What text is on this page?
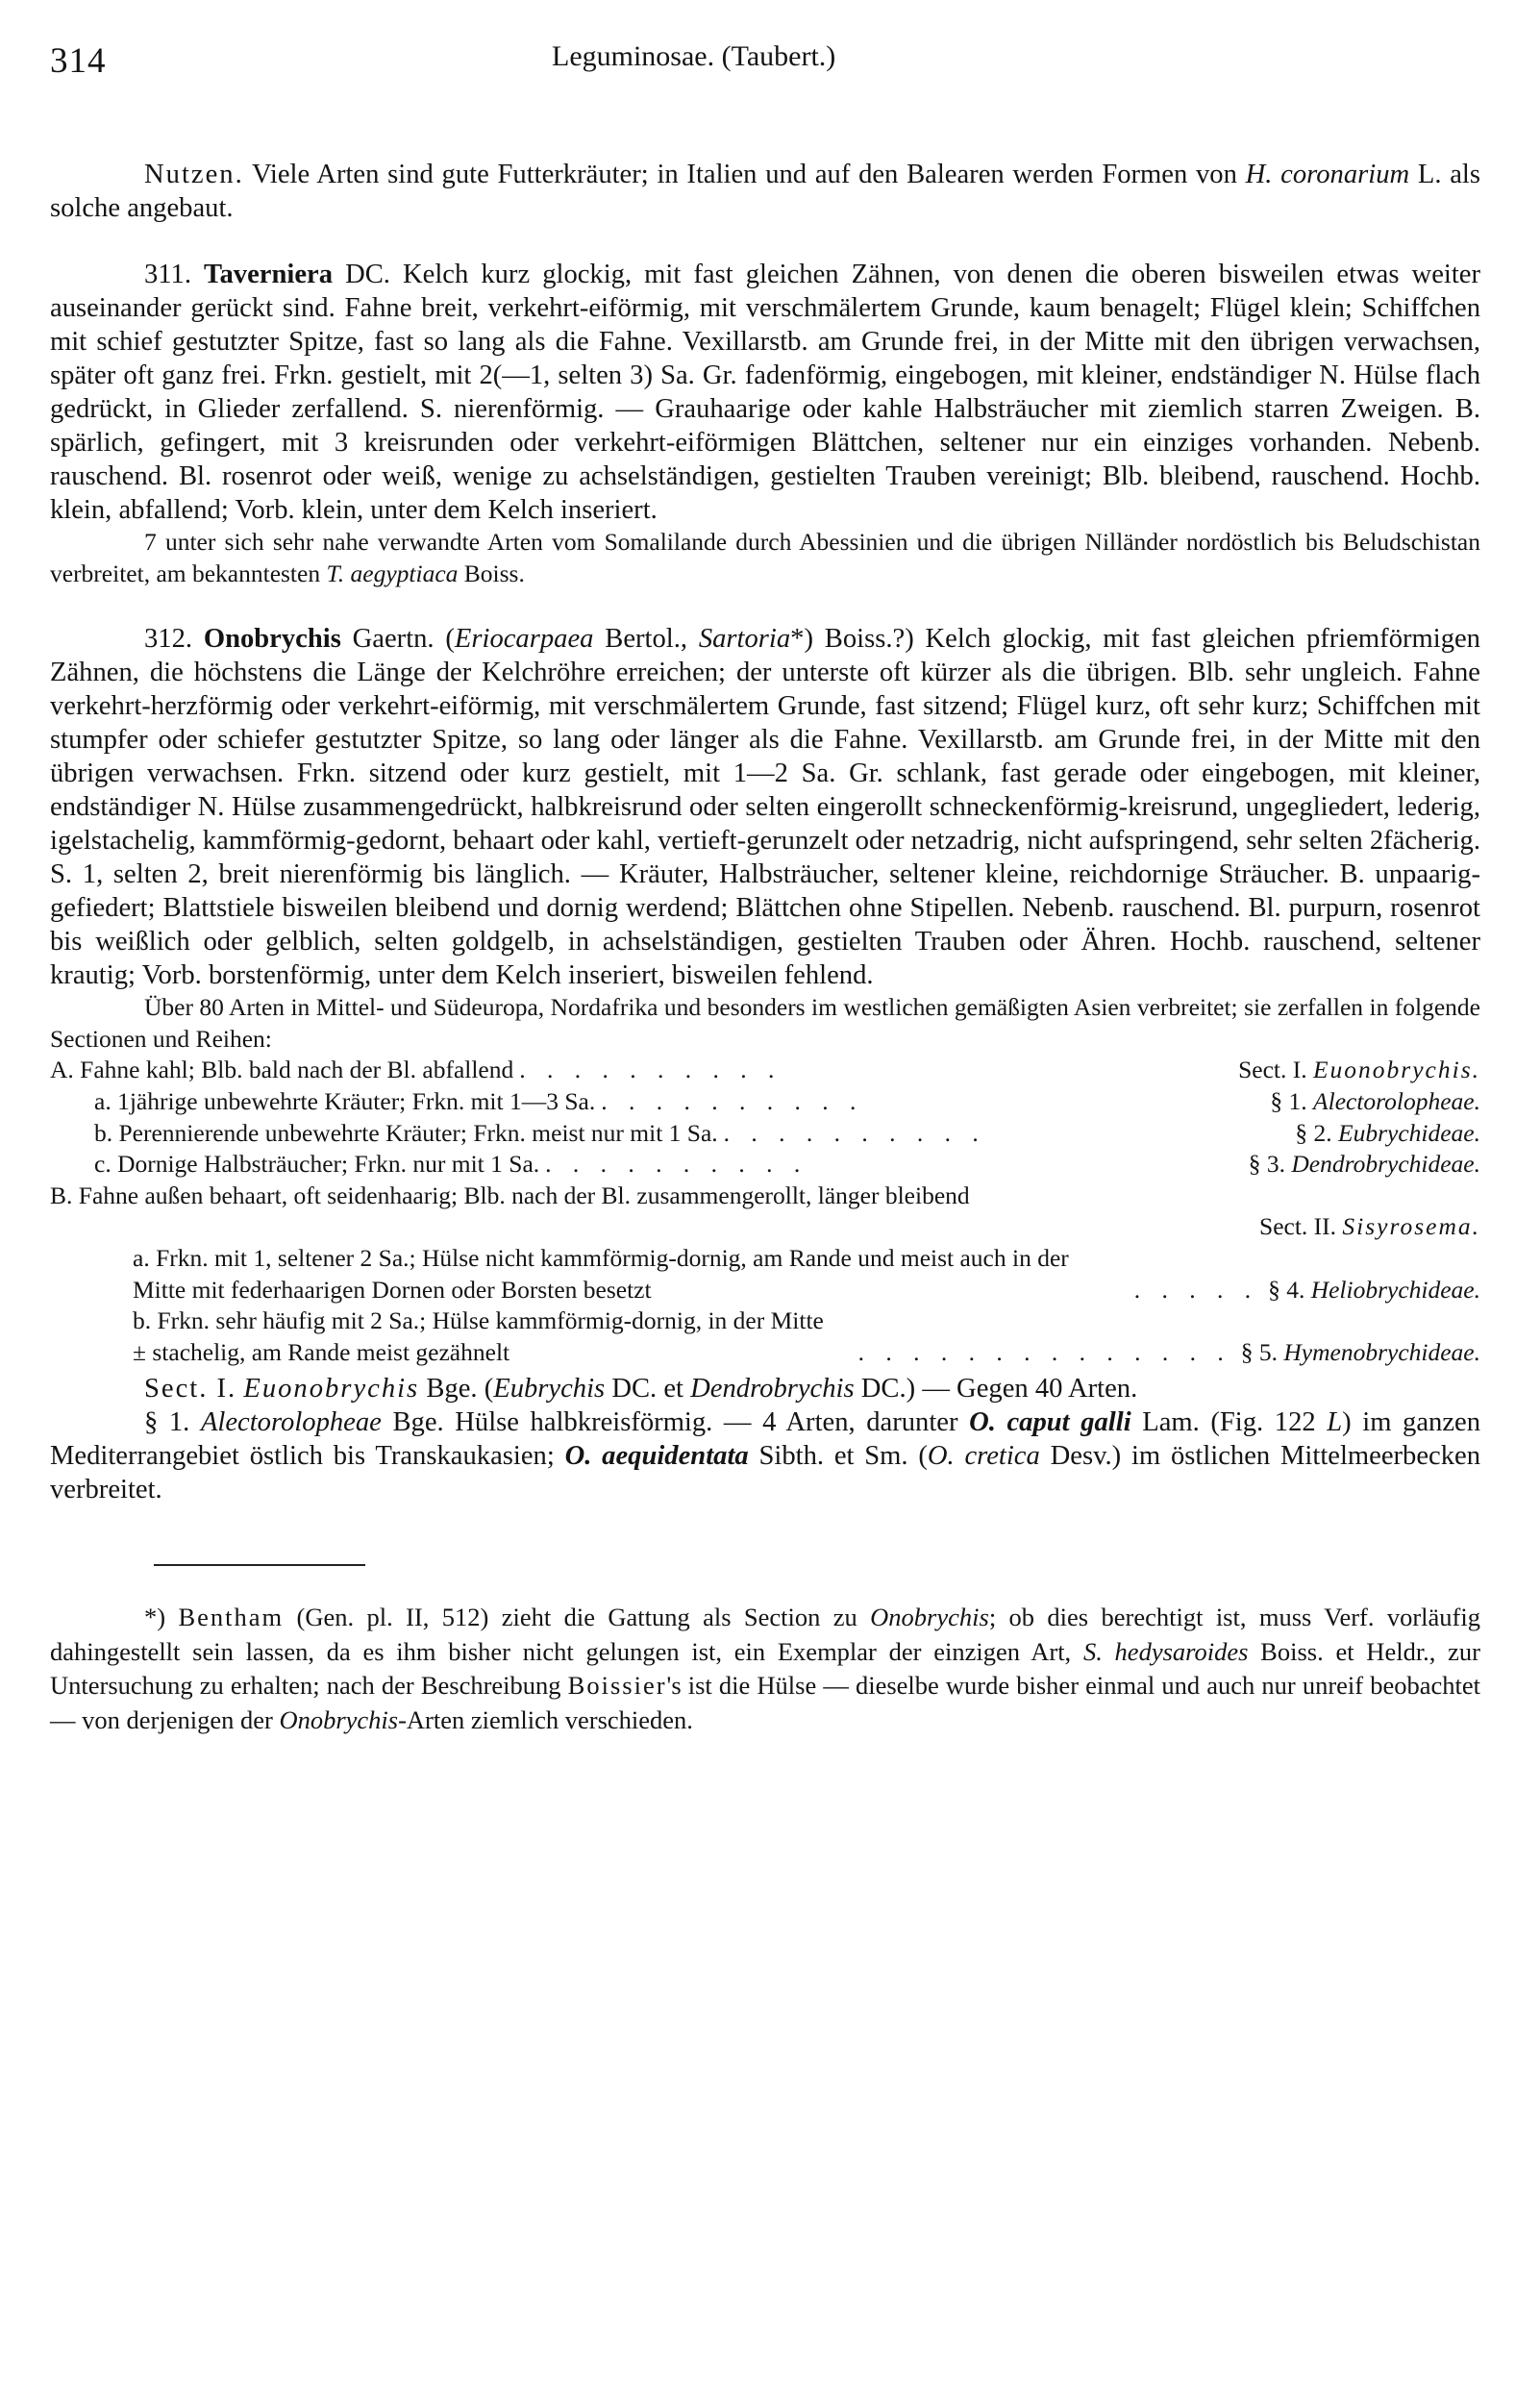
314	Leguminosae. (Taubert.)

Nutzen. Viele Arten sind gute Futterkräuter; in Italien und auf den Balearen werden Formen von H. coronarium L. als solche angebaut.

311. Taverniera DC. Kelch kurz glockig, mit fast gleichen Zähnen, von denen die oberen bisweilen etwas weiter auseinander gerückt sind. Fahne breit, verkehrt-eiförmig, mit verschmälertem Grunde, kaum benagelt; Flügel klein; Schiffchen mit schief gestutzter Spitze, fast so lang als die Fahne. Vexillarstb. am Grunde frei, in der Mitte mit den übrigen verwachsen, später oft ganz frei. Frkn. gestielt, mit 2(—1, selten 3) Sa. Gr. fadenförmig, eingebogen, mit kleiner, endständiger N. Hülse flach gedrückt, in Glieder zerfallend. S. nierenförmig. — Grauhaarige oder kahle Halbsträucher mit ziemlich starren Zweigen. B. spärlich, gefingert, mit 3 kreisrunden oder verkehrt-eiförmigen Blättchen, seltener nur ein einziges vorhanden. Nebenb. rauschend. Bl. rosenrot oder weiß, wenige zu achselständigen, gestielten Trauben vereinigt; Blb. bleibend, rauschend. Hochb. klein, abfallend; Vorb. klein, unter dem Kelch inseriert.

7 unter sich sehr nahe verwandte Arten vom Somalilande durch Abessinien und die übrigen Nilländer nordöstlich bis Beludschistan verbreitet, am bekanntesten T. aegyptiaca Boiss.

312. Onobrychis Gaertn. (Eriocarpaea Bertol., Sartoria*) Boiss.?) Kelch glockig, mit fast gleichen pfriemförmigen Zähnen, die höchstens die Länge der Kelchröhre erreichen; der unterste oft kürzer als die übrigen. Blb. sehr ungleich. Fahne verkehrt-herzförmig oder verkehrt-eiförmig, mit verschmälertem Grunde, fast sitzend; Flügel kurz, oft sehr kurz; Schiffchen mit stumpfer oder schiefer gestutzter Spitze, so lang oder länger als die Fahne. Vexillarstb. am Grunde frei, in der Mitte mit den übrigen verwachsen. Frkn. sitzend oder kurz gestielt, mit 1—2 Sa. Gr. schlank, fast gerade oder eingebogen, mit kleiner, endständiger N. Hülse zusammengedrückt, halbkreisrund oder selten eingerollt schneckenförmig-kreisrund, ungegliedert, lederig, igelstachelig, kammförmig-gedornt, behaart oder kahl, vertieft-gerunzelt oder netzadrig, nicht aufspringend, sehr selten 2fächerig. S. 1, selten 2, breit nierenförmig bis länglich. — Kräuter, Halbsträucher, seltener kleine, reichdornige Sträucher. B. unpaarig-gefiedert; Blattstiele bisweilen bleibend und dornig werdend; Blättchen ohne Stipellen. Nebenb. rauschend. Bl. purpurn, rosenrot bis weißlich oder gelblich, selten goldgelb, in achselständigen, gestielten Trauben oder Ähren. Hochb. rauschend, seltener krautig; Vorb. borstenförmig, unter dem Kelch inseriert, bisweilen fehlend.

Über 80 Arten in Mittel- und Südeuropa, Nordafrika und besonders im westlichen gemäßigten Asien verbreitet; sie zerfallen in folgende Sectionen und Reihen:

A. Fahne kahl; Blb. bald nach der Bl. abfallend . . . . . . . . . .	Sect. I. Euonobrychis.
a. 1jährige unbewehrte Kräuter; Frkn. mit 1—3 Sa. . . . . . . . . . .	§ 1. Alectorolopheae.
b. Perennierende unbewehrte Kräuter; Frkn. meist nur mit 1 Sa. . . . . . . . . . .	§ 2. Eubrychideae.
c. Dornige Halbsträucher; Frkn. nur mit 1 Sa. . . . . . . . . . .	§ 3. Dendrobrychideae.
B. Fahne außen behaart, oft seidenhaarig; Blb. nach der Bl. zusammengerollt, länger bleibend
Sect. II. Sisyrosema.
a. Frkn. mit 1, seltener 2 Sa.; Hülse nicht kammförmig-dornig, am Rande und meist auch in der Mitte mit federhaarigen Dornen oder Borsten besetzt	. . . . . § 4. Heliobrychideae.
b. Frkn. sehr häufig mit 2 Sa.; Hülse kammförmig-dornig, in der Mitte ± stachelig, am Rande meist gezähnelt	. . . . . . . . . . . . . . § 5. Hymenobrychideae.

Sect. I. Euonobrychis Bge. (Eubrychis DC. et Dendrobrychis DC.) — Gegen 40 Arten.

§ 1. Alectorolopheae Bge. Hülse halbkreisförmig. — 4 Arten, darunter O. caput galli Lam. (Fig. 122 L) im ganzen Mediterrangebiet östlich bis Transkaukasien; O. aequidentata Sibth. et Sm. (O. cretica Desv.) im östlichen Mittelmeerbecken verbreitet.

*) Bentham (Gen. pl. II, 512) zieht die Gattung als Section zu Onobrychis; ob dies berechtigt ist, muss Verf. vorläufig dahingestellt sein lassen, da es ihm bisher nicht gelungen ist, ein Exemplar der einzigen Art, S. hedysaroides Boiss. et Heldr., zur Untersuchung zu erhalten; nach der Beschreibung Boissier's ist die Hülse — dieselbe wurde bisher einmal und auch nur unreif beobachtet — von derjenigen der Onobrychis-Arten ziemlich verschieden.
